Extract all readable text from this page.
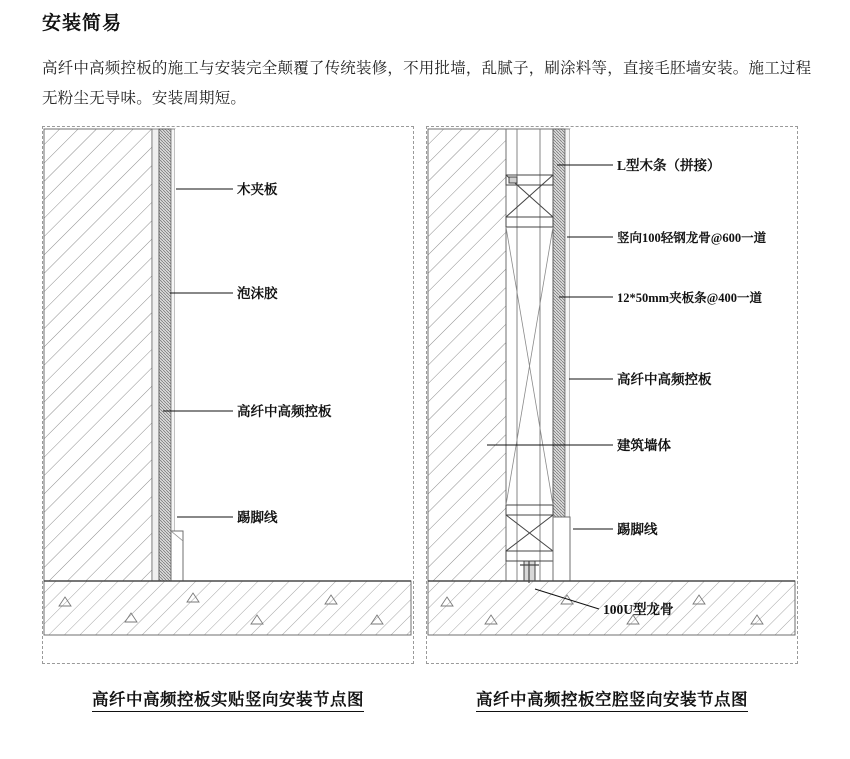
安装简易
高纤中高频控板的施工与安装完全颠覆了传统装修，不用批墙，乱腻子，刷涂料等，直接毛胚墙安装。施工过程无粉尘无导味。安装周期短。
木夹板
泡沫胶
高纤中高频控板
踢脚线
高纤中高频控板实贴竖向安装节点图
L型木条（拼接）
竖向100轻钢龙骨@600一道
12*50mm夹板条@400一道
高纤中高频控板
建筑墙体
踢脚线
100U型龙骨
高纤中高频控板空腔竖向安装节点图
